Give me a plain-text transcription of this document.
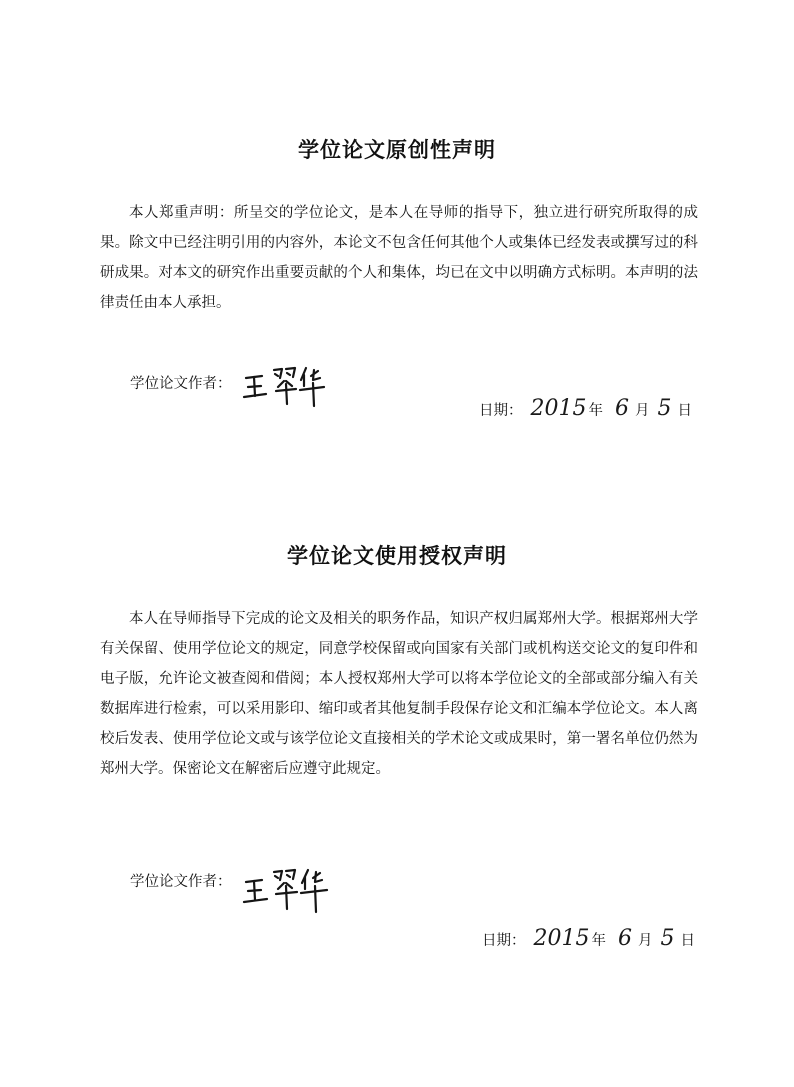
学位论文原创性声明

本人郑重声明：所呈交的学位论文，是本人在导师的指导下，独立进行研究所取得的成果。除文中已经注明引用的内容外，本论文不包含任何其他个人或集体已经发表或撰写过的科研成果。对本文的研究作出重要贡献的个人和集体，均已在文中以明确方式标明。本声明的法律责任由本人承担。

学位论文作者：
日期： 2015 年 6 月 5 日
学位论文使用授权声明

本人在导师指导下完成的论文及相关的职务作品，知识产权归属郑州大学。根据郑州大学有关保留、使用学位论文的规定，同意学校保留或向国家有关部门或机构送交论文的复印件和电子版，允许论文被查阅和借阅；本人授权郑州大学可以将本学位论文的全部或部分编入有关数据库进行检索，可以采用影印、缩印或者其他复制手段保存论文和汇编本学位论文。本人离校后发表、使用学位论文或与该学位论文直接相关的学术论文或成果时，第一署名单位仍然为郑州大学。保密论文在解密后应遵守此规定。

学位论文作者：
日期： 2015 年 6 月 5 日
